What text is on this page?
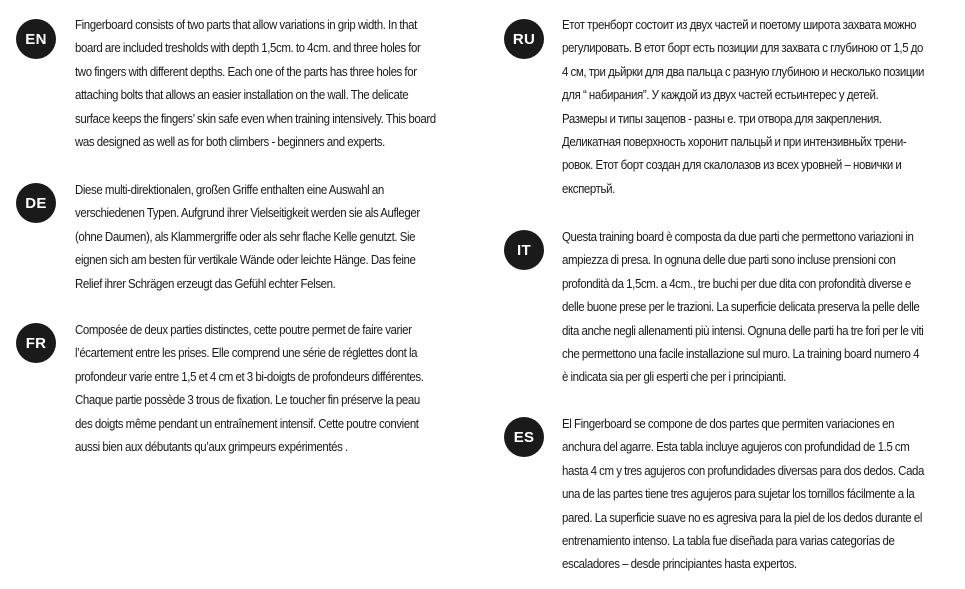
EN
Fingerboard consists of two parts that allow variations in grip width. In that board are included tresholds with depth 1,5cm. to 4cm. and three holes for two fingers with different depths. Each one of the parts has three holes for attaching bolts that allows an easier installation on the wall. The delicate surface keeps the fingers’ skin safe even when training intensively. This board was designed as well as for both climbers - beginners and experts.
DE
Diese multi-direktionalen, großen Griffe enthalten eine Auswahl an verschiedenen Typen. Aufgrund ihrer Vielseitigkeit werden sie als Aufleger (ohne Daumen), als Klammergriffe oder als sehr flache Kelle genutzt. Sie eignen sich am besten für vertikale Wände oder leichte Hänge. Das feine Relief ihrer Schrägen erzeugt das Gefühl echter Felsen.
FR
Composée de deux parties distinctes, cette poutre permet de faire varier l’écartement entre les prises. Elle comprend une série de réglettes dont la profondeur varie entre 1,5 et 4 cm et 3 bi-doigts de profondeurs différentes. Chaque partie possède 3 trous de fixation. Le toucher fin préserve la peau des doigts même pendant un entraînement intensif. Cette poutre convient aussi bien aux débutants qu’aux grimpeurs expérimentés .
RU
Етот тренборт состоит из двух частей и поетому широта захвата можно регулировать. В етот борт есть позиции для захвата с глубиною от 1,5 до 4 см, три дьйрки для два пальца с разную глубиною и несколько позиции для “ набирания”. У каждой из двух частей естьинтерес у детей. Размеры и типы зацепов - разны е. три отвора для закрепления. Деликатная поверхность хоронит пальцьй и при интензивньйх трени-ровок. Етот борт создан для скалолазов из всех уровней – новички и експертьй.
IT
Questa training board è composta da due parti che permettono variazioni in ampiezza di presa. In ognuna delle due parti sono incluse prensioni con profondità da 1,5cm. a 4cm., tre buchi per due dita con profondità diverse e delle buone prese per le trazioni. La superficie delicata preserva la pelle delle dita anche negli allenamenti più intensi. Ognuna delle parti ha tre fori per le viti che permettono una facile installazione sul muro. La training board numero 4 è indicata sia per gli esperti che per i principianti.
ES
El Fingerboard se compone de dos partes que permiten variaciones en anchura del agarre. Esta tabla incluye agujeros con profundidad de 1.5 cm hasta 4 cm y tres agujeros con profundidades diversas para dos dedos. Cada una de las partes tiene tres agujeros para sujetar los tornillos fácilmente a la pared. La superficie suave no es agresiva para la piel de los dedos durante el entrenamiento intenso. La tabla fue diseñada para varias categorías de escaladores – desde principiantes hasta expertos.
